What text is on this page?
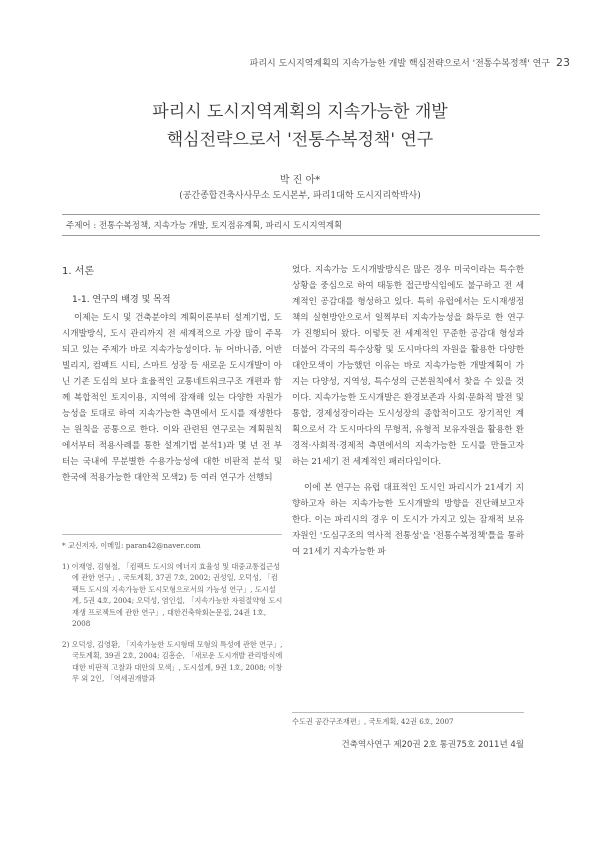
파리시 도시지역계획의 지속가능한 개발 핵심전략으로서 '전통수복정책' 연구 23
파리시 도시지역계획의 지속가능한 개발
핵심전략으로서 '전통수복정책' 연구
박 진 아*
(공간종합건축사사무소 도시본부, 파리1대학 도시지리학박사)
주제어 : 전통수복정책, 지속가능 개발, 토지점유계획, 파리시 도시지역계획
1. 서론
1-1. 연구의 배경 및 목적

이제는 도시 및 건축분야의 계획이론부터 설계기법, 도시개발방식, 도시 관리까지 전 세계적으로 가장 많이 주목되고 있는 주제가 바로 지속가능성이다. 뉴 어바니즘, 어반 빌리지, 컴팩트 시티, 스마트 성장 등 새로운 도시개발이 아닌 기존 도심의 보다 효율적인 교통네트워크구조 개편과 함께 복합적인 토지이용, 지역에 잠재해 있는 다양한 자원가능성을 토대로 하여 지속가능한 측면에서 도시를 재생한다는 원칙을 공통으로 한다. 이와 관련된 연구로는 계획원칙에서부터 적용사례를 통한 설계기법 분석1)과 몇 년 전 부터는 국내에 무분별한 수용가능성에 대한 비판적 분석 및 한국에 적용가능한 대안적 모색2) 등 여러 연구가 선행되

* 교신저자, 이메일: paran42@naver.com

1) 이재영, 김형철, 「컴팩트 도시의 에너지 효율성 및 대중교통접근성에 관한 연구」, 국토계획, 37권 7호, 2002; 권성일, 오덕성, 「컴팩트 도시의 지속가능한 도시모형으로서의 가능성 연구」, 도시설계, 5권 4호, 2004; 오덕성, 염인섭, 「지속가능한 자원절약형 도시재생 프로젝트에 관한 연구」, 대한건축학회논문집, 24권 1호, 2008

2) 오덕성, 김영환, 「지속가능한 도시형태 모형의 특성에 관한 연구」, 국토계획, 39권 2호, 2004; 김흥순, 「새로운 도시개발 관리방식에 대한 비판적 고찰과 대안의 모색」, 도시설계, 9권 1호, 2008; 이창무 외 2인, 「역세권개발과

었다. 지속가능 도시개발방식은 많은 경우 미국이라는 특수한 상황을 중심으로 하여 태동한 접근방식임에도 불구하고 전 세계적인 공감대를 형성하고 있다. 특히 유럽에서는 도시재생정책의 실현방안으로서 일찍부터 지속가능성을 화두로 한 연구가 진행되어 왔다. 이렇듯 전 세계적인 꾸준한 공감대 형성과 더불어 각국의 특수상황 및 도시마다의 자원을 활용한 다양한 대안모색이 가능했던 이유는 바로 지속가능한 개발계획이 가지는 다양성, 지역성, 특수성의 근본원칙에서 찾을 수 있을 것이다. 지속가능한 도시개발은 환경보존과 사회·문화적 발전 및 통합, 경제성장이라는 도시성장의 종합적이고도 장기적인 계획으로서 각 도시마다의 무형적, 유형적 보유자원을 활용한 환경적·사회적·경제적 측면에서의 지속가능한 도시를 만들고자 하는 21세기 전 세계적인 패러다임이다.

이에 본 연구는 유럽 대표적인 도시인 파리시가 21세기 지향하고자 하는 지속가능한 도시개발의 방향을 진단해보고자 한다. 이는 파리시의 경우 이 도시가 가지고 있는 잠재적 보유자원인 '도심구조의 역사적 전통성'을 '전통수복정책'틀을 통하여 21세기 지속가능한 파

수도권 공간구조재편」, 국토계획, 42권 6호, 2007
건축역사연구 제20권 2호 통권75호 2011년 4월
